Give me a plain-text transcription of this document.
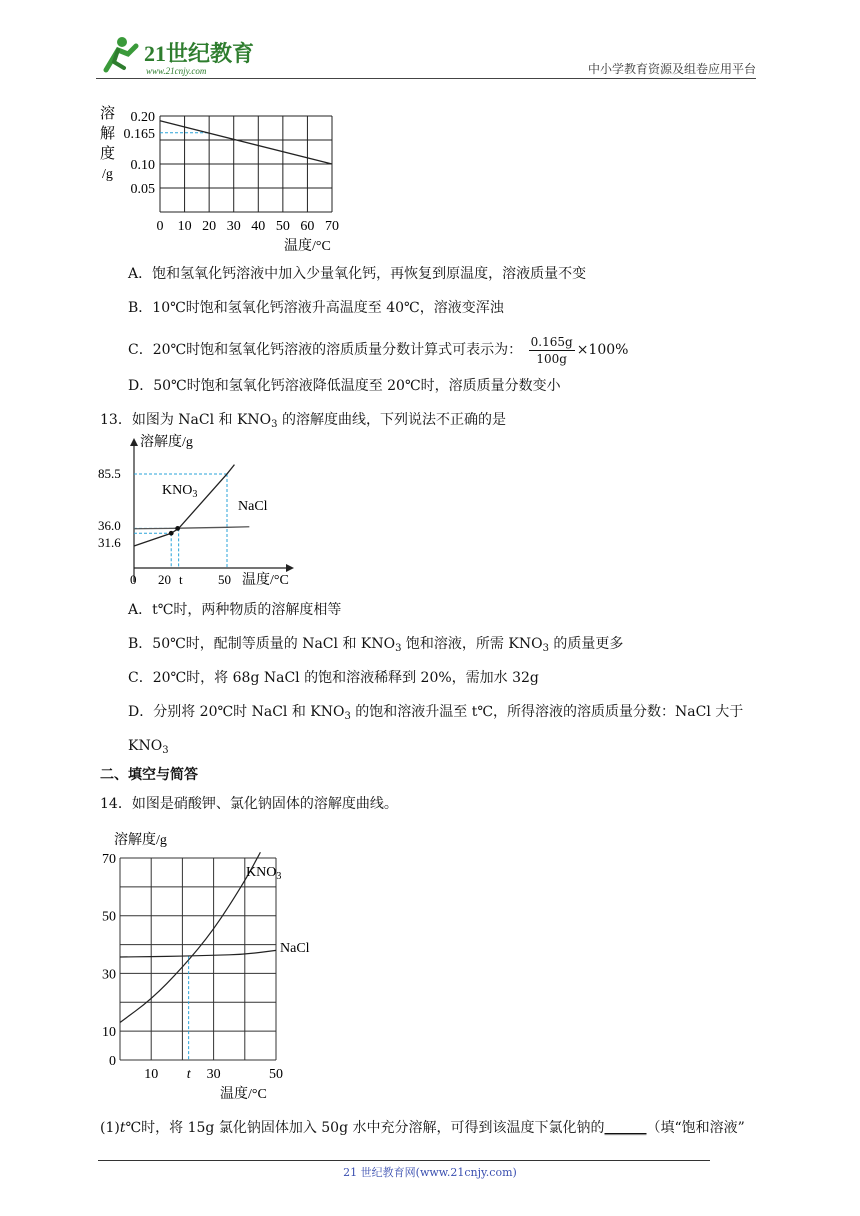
21世纪教育
www.21cnjy.com	中小学教育资源及组卷应用平台
溶
解
度
/g
0.20
0.165
0.10
0.05
0 10 20 30 40 50 60 70
温度/°C
A．饱和氢氧化钙溶液中加入少量氧化钙，再恢复到原温度，溶液质量不变
B．10℃时饱和氢氧化钙溶液升高温度至 40℃，溶液变浑浊
C．20℃时饱和氢氧化钙溶液的溶质质量分数计算式可表示为： $\frac{0.165g}{100g} \times 100\%$
D．50℃时饱和氢氧化钙溶液降低温度至 20℃时，溶质质量分数变小
13．如图为 NaCl 和 $KNO_3$ 的溶解度曲线，下列说法不正确的是
溶解度/g
温度/°C
$KNO_3$
NaCl
85.5
36.0
31.6
0 20 t	50
A．t℃时，两种物质的溶解度相等
B．50℃时，配制等质量的 NaCl 和 $KNO_3$ 饱和溶液，所需 $KNO_3$ 的质量更多
C．20℃时，将 68g NaCl 的饱和溶液稀释到 20%，需加水 32g
D．分别将 20℃时 NaCl 和 $KNO_3$ 的饱和溶液升温至 t℃，所得溶液的溶质质量分数：NaCl 大于
$KNO_3$
二、填空与简答
14．如图是硝酸钾、氯化钠固体的溶解度曲线。
溶解度/g
$KNO_3$
NaCl
70
50
30
10
0
10 t 30	50
温度/°C
(1)t℃时，将 15g 氯化钠固体加入 50g 水中充分溶解，可得到该温度下氯化钠的______（填“饱和溶液”
21 世纪教育网(www.21cnjy.com)
